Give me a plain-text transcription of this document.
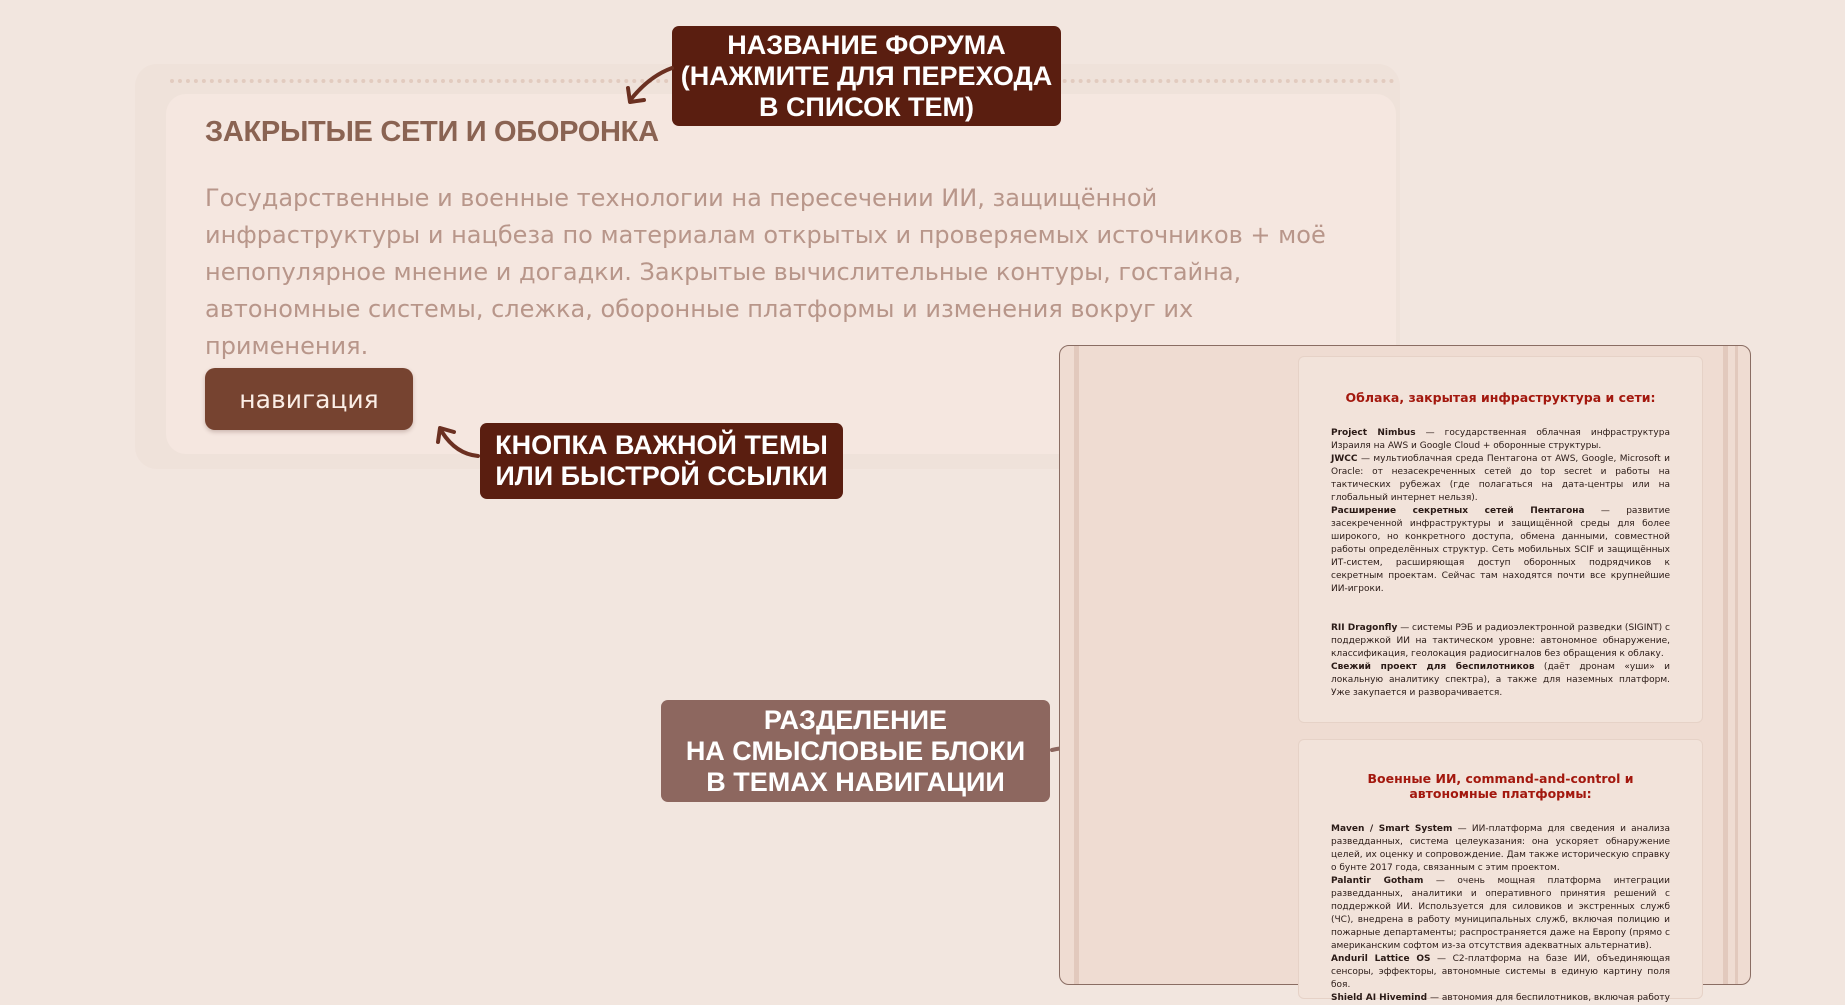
ЗАКРЫТЫЕ СЕТИ И ОБОРОНКА
Государственные и военные технологии на пересечении ИИ, защищённой инфраструктуры и нацбеза по материалам открытых и проверяемых источников + моё непопулярное мнение и догадки. Закрытые вычислительные контуры, гостайна, автономные системы, слежка, оборонные платформы и изменения вокруг их применения.
навигация
НАЗВАНИЕ ФОРУМА
(НАЖМИТЕ ДЛЯ ПЕРЕХОДА
В СПИСОК ТЕМ)
КНОПКА ВАЖНОЙ ТЕМЫ
ИЛИ БЫСТРОЙ ССЫЛКИ
РАЗДЕЛЕНИЕ
НА СМЫСЛОВЫЕ БЛОКИ
В ТЕМАХ НАВИГАЦИИ
Облака, закрытая инфраструктура и сети:

Project Nimbus — государственная облачная инфраструктура Израиля на AWS и Google Cloud + оборонные структуры.

JWCC — мультиоблачная среда Пентагона от AWS, Google, Microsoft и Oracle: от незасекреченных сетей до top secret и работы на тактических рубежах (где полагаться на дата-центры или на глобальный интернет нельзя).

Расширение секретных сетей Пентагона — развитие засекреченной инфраструктуры и защищённой среды для более широкого, но конкретного доступа, обмена данными, совместной работы определённых структур. Сеть мобильных SCIF и защищённых ИТ-систем, расширяющая доступ оборонных подрядчиков к секретным проектам. Сейчас там находятся почти все крупнейшие ИИ-игроки.

RII Dragonfly — системы РЭБ и радиоэлектронной разведки (SIGINT) с поддержкой ИИ на тактическом уровне: автономное обнаружение, классификация, геолокация радиосигналов без обращения к облаку.

Свежий проект для беспилотников (даёт дронам «уши» и локальную аналитику спектра), а также для наземных платформ. Уже закупается и разворачивается.

Военные ИИ, command-and-control и автономные платформы:

Maven / Smart System — ИИ-платформа для сведения и анализа разведданных, система целеуказания: она ускоряет обнаружение целей, их оценку и сопровождение. Дам также историческую справку о бунте 2017 года, связанным с этим проектом.

Palantir Gotham — очень мощная платформа интеграции разведданных, аналитики и оперативного принятия решений с поддержкой ИИ. Используется для силовиков и экстренных служб (ЧС), внедрена в работу муниципальных служб, включая полицию и пожарные департаменты; распространяется даже на Европу (прямо с американским софтом из-за отсутствия адекватных альтернатив).

Anduril Lattice OS — C2-платформа на базе ИИ, объединяющая сенсоры, эффекторы, автономные системы в единую картину поля боя.

Shield AI Hivemind — автономия для беспилотников, включая работу
